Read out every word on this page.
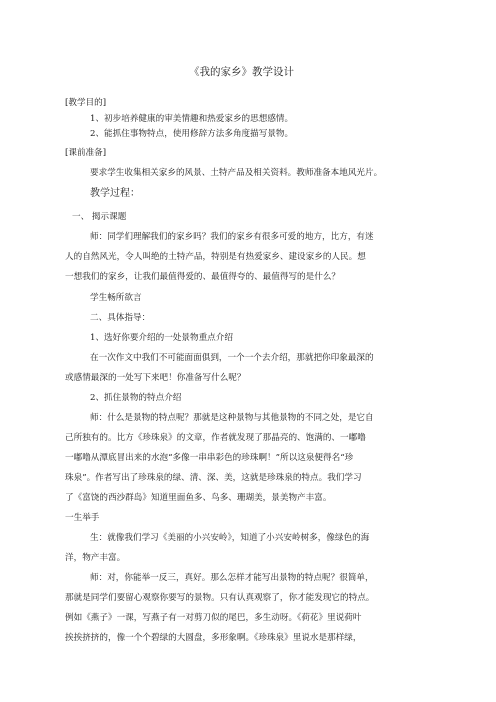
《我的家乡》教学设计
[教学目的]
1、初步培养健康的审美情趣和热爱家乡的思想感情。
2、能抓住事物特点，使用修辞方法多角度描写景物。
[课前准备]
要求学生收集相关家乡的风景、土特产品及相关资料。教师准备本地风光片。
教学过程：
一、 揭示课题
师：同学们理解我们的家乡吗？我们的家乡有很多可爱的地方，比方，有迷
人的自然风光，令人叫绝的土特产品，特别是有热爱家乡、建设家乡的人民。想
一想我们的家乡，让我们最值得爱的、最值得夸的、最值得写的是什么？
学生畅所欲言
二、具体指导：
1、选好你要介绍的一处景物重点介绍
在一次作文中我们不可能面面俱到，一个一个去介绍，那就把你印象最深的
或感情最深的一处写下来吧！你准备写什么呢？
2、抓住景物的特点介绍
师：什么是景物的特点呢？那就是这种景物与其他景物的不同之处，是它自
己所独有的。比方《珍珠泉》的文章，作者就发现了那晶亮的、饱满的、一嘟噜
一嘟噜从潭底冒出来的水泡“多像一串串彩色的珍珠啊！”所以这泉便得名“珍
珠泉”。作者写出了珍珠泉的绿、清、深、美，这就是珍珠泉的特点。我们学习
了《富饶的西沙群岛》知道里面鱼多、鸟多、珊瑚美，景美物产丰富。
一生举手
生：就像我们学习《美丽的小兴安岭》，知道了小兴安岭树多，像绿色的海
洋，物产丰富。
师：对，你能举一反三，真好。那么怎样才能写出景物的特点呢？很简单，
那就是同学们要留心观察你要写的景物。只有认真观察了，你才能发现它的特点。
例如《燕子》一课，写燕子有一对剪刀似的尾巴，多生动呀。《荷花》里说荷叶
挨挨挤挤的，像一个个碧绿的大圆盘，多形象啊。《珍珠泉》里说水是那样绿，
